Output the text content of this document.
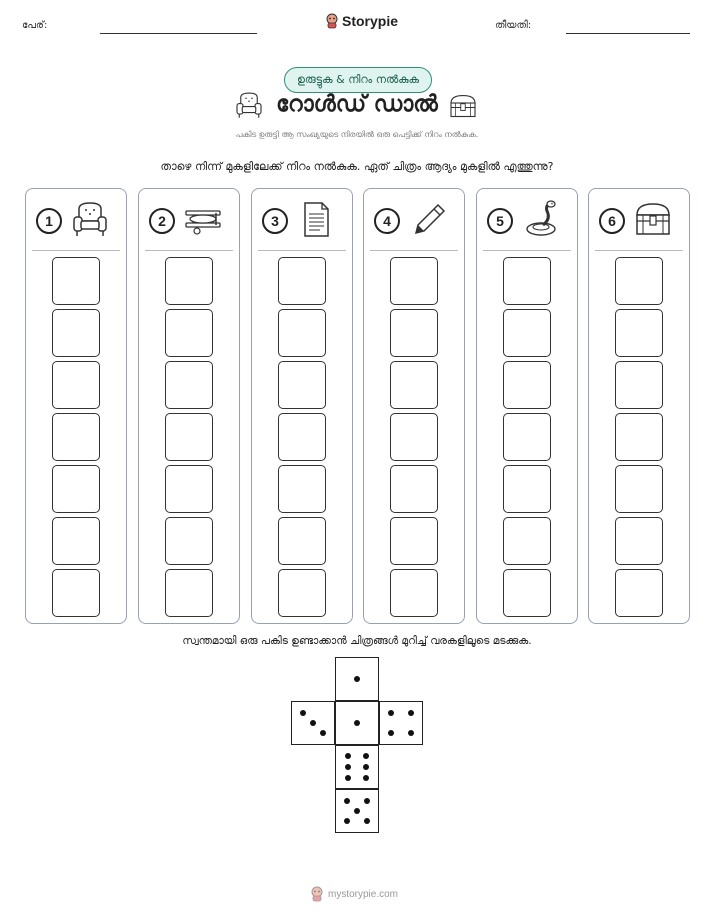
പേര്:	Storypie	തീയതി:
ഉരുട്ടുക & നിറം നൽകുക
റോൾഡ് ഡാൽ
പകിട ഉരുട്ടി ആ സംഖ്യയുടെ നിരയിൽ ഒരു പെട്ടിക്ക് നിറം നൽകുക.
താഴെ നിന്ന് മുകളിലേക്ക് നിറം നൽകുക. ഏത് ചിത്രം ആദ്യം മുകളിൽ എത്തുന്നു?
1	2	3	4	5	6
സ്വന്തമായി ഒരു പകിട ഉണ്ടാക്കാൻ ചിത്രങ്ങൾ മുറിച്ച് വരകളിലൂടെ മടക്കുക.
mystorypie.com
